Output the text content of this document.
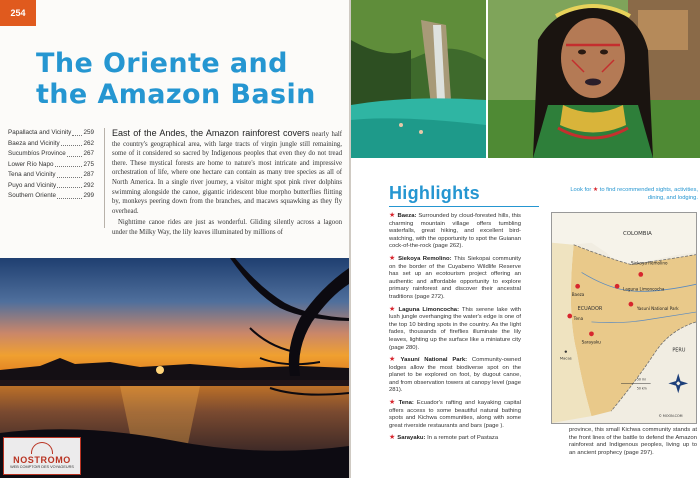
254
The Oriente and the Amazon Basin
Papallacta and Vicinity 259
Baeza and Vicinity	262
Sucumbíos Province	267
Lower Río Napo	275
Tena and Vicinity	287
Puyo and Vicinity	292
Southern Oriente	299

East of the Andes, the Amazon rainforest covers nearly half the country's geographical area, with large tracts of virgin jungle still remaining, some of it considered so sacred by Indigenous peoples that even they do not tread there. These mystical forests are home to nature's most intricate and impressive orchestration of life, where one hectare can contain as many tree species as all of North America. In a single river journey, a visitor might spot pink river dolphins swimming alongside the canoe, gigantic iridescent blue morpho butterflies flitting by, monkeys peering down from the branches, and macaws squawking as they fly overhead.

Nighttime canoe rides are just as wonderful. Gliding silently across a lagoon under the Milky Way, the lily leaves illuminated by millions of

NOSTROMO
WEB COMPTOIR DES VOYAGEURS
Highlights	Look for ★ to find recommended sights, activities, dining, and lodging.

★ Baeza: Surrounded by cloud-forested hills, this charming mountain village offers tumbling waterfalls, great hiking, and excellent bird-watching, with the opportunity to spot the Guianan cock-of-the-rock (page 262).

★ Siekoya Remolino: This Siekopai community on the border of the Cuyabeno Wildlife Reserve has set up an ecotourism project offering an authentic and affordable opportunity to explore primary rainforest and discover their ancestral traditions (page 272).

★ Laguna Limoncocha: This serene lake with lush jungle overhanging the water's edge is one of the top 10 birding spots in the country. As the light fades, thousands of fireflies illuminate the lily leaves, lighting up the surface like a miniature city (page 280).

★ Yasuní National Park: Community-owned lodges allow the most biodiverse spot on the planet to be explored on foot, by dugout canoe, and from observation towers at canopy level (page 281).

★ Tena: Ecuador's rafting and kayaking capital offers access to some beautiful natural bathing spots and Kichwa communities, along with some great riverside restaurants and bars (page ).

★ Sarayaku: In a remote part of Pastaza

COLOMBIA
ECUADOR
PERU
Baeza
Siekoya Remolino
Laguna Limoncocha
Yasuní National Park
Tena
Sarayaku
Macas
50 mi
50 km
© MOON.COM
province, this small Kichwa community stands at the front lines of the battle to defend the Amazon rainforest and Indigenous peoples, living up to an ancient prophecy (page 297).
